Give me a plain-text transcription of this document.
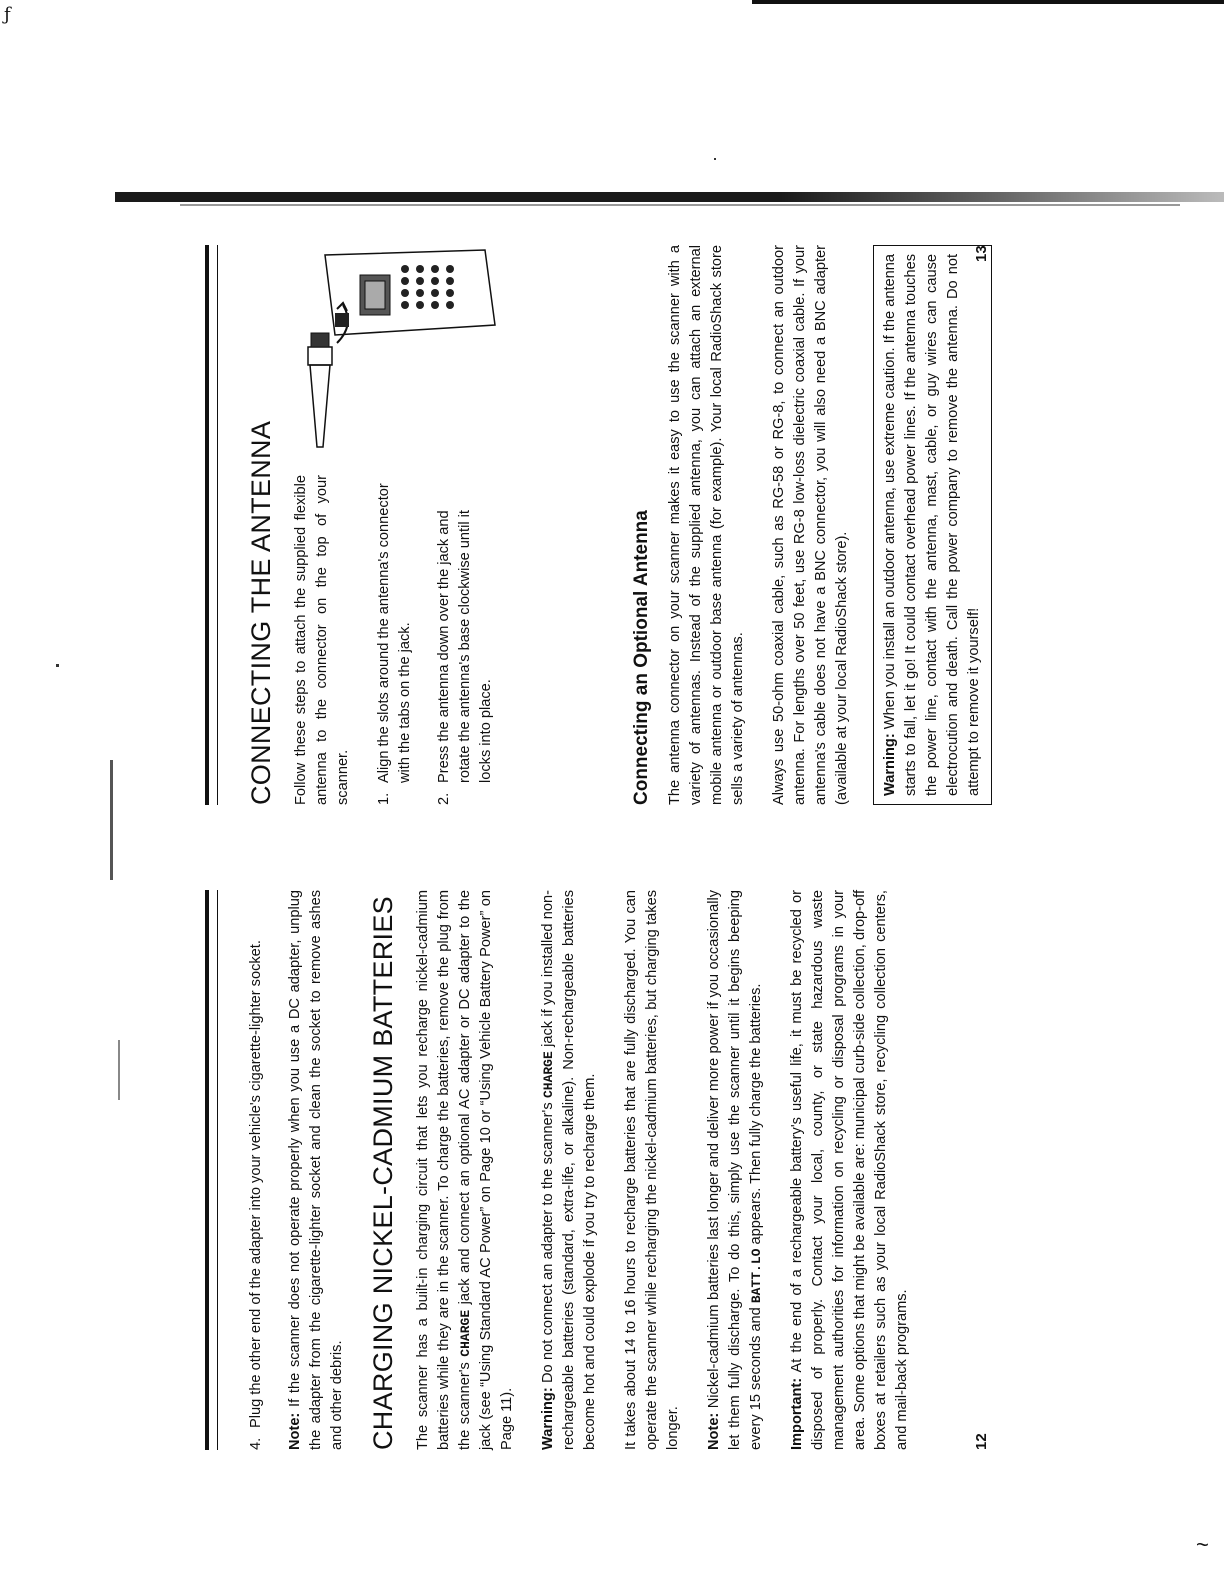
ƒ
~
4.
Plug the other end of the adapter into your vehicle's cigarette-lighter socket.

Note: If the scanner does not operate properly when you use a DC adapter, unplug the adapter from the cigarette-lighter socket and clean the socket to remove ashes and other debris. CHARGING NICKEL-CADMIUM BATTERIES The scanner has a built-in charging circuit that lets you recharge nickel-cadmium batteries while they are in the scanner. To charge the batteries, remove the plug from the scanner's CHARGE jack and connect an optional AC adapter or DC adapter to the jack (see “Using Standard AC Power” on Page 10 or “Using Vehicle Battery Power” on Page 11). Warning: Do not connect an adapter to the scanner's CHARGE jack if you installed non-rechargeable batteries (standard, extra-life, or alkaline). Non-rechargeable batteries become hot and could explode if you try to recharge them. It takes about 14 to 16 hours to recharge batteries that are fully discharged. You can operate the scanner while recharging the nickel-cadmium batteries, but charging takes longer. Note: Nickel-cadmium batteries last longer and deliver more power if you occasionally let them fully discharge. To do this, simply use the scanner until it begins beeping every 15 seconds and BATT.LO appears. Then fully charge the batteries.

Important: At the end of a rechargeable battery's useful life, it must be recycled or disposed of properly. Contact your local, county, or state hazardous waste management authorities for information on recycling or disposal programs in your area. Some options that might be available are: municipal curb-side collection, drop-off boxes at retailers such as your local RadioShack store, recycling collection centers, and mail-back programs.	12
CONNECTING THE ANTENNA Follow these steps to attach the supplied flexible antenna to the connector on the top of your scanner. 1.
Align the slots around the antenna's connector with the tabs on the jack.
2.
Press the antenna down over the jack and rotate the antenna's base clockwise until it locks into place.	Connecting an Optional Antenna The antenna connector on your scanner makes it easy to use the scanner with a variety of antennas. Instead of the supplied antenna, you can attach an external mobile antenna or outdoor base antenna (for example). Your local RadioShack store sells a variety of antennas. Always use 50-ohm coaxial cable, such as RG-58 or RG-8, to connect an outdoor antenna. For lengths over 50 feet, use RG-8 low-loss dielectric coaxial cable. If your antenna's cable does not have a BNC connector, you will also need a BNC adapter (available at your local RadioShack store).	Warning: When you install an outdoor antenna, use extreme caution. If the antenna starts to fall, let it go! It could contact overhead power lines. If the antenna touches the power line, contact with the antenna, mast, cable, or guy wires can cause electrocution and death. Call the power company to remove the antenna. Do not attempt to remove it yourself!
13
